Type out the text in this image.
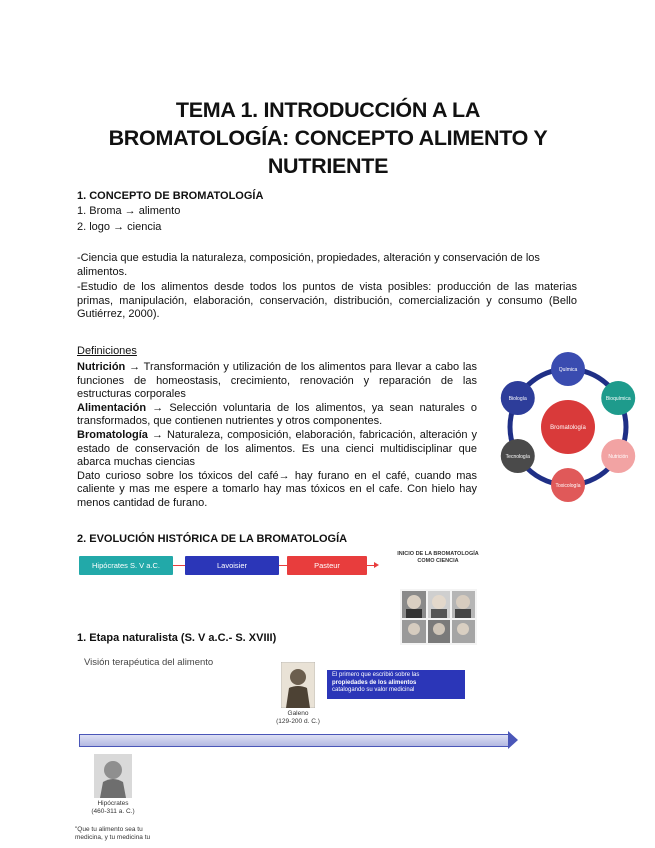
TEMA 1. INTRODUCCIÓN A LA
BROMATOLOGÍA: CONCEPTO ALIMENTO Y
NUTRIENTE
1. CONCEPTO DE BROMATOLOGÍA
1. Broma → alimento
2. logo → ciencia
-Ciencia que estudia la naturaleza, composición, propiedades, alteración y conservación de los alimentos.
-Estudio de los alimentos desde todos los puntos de vista posibles: producción de las materias primas, manipulación, elaboración, conservación, distribución, comercialización y consumo (Bello Gutiérrez, 2000).
Definiciones
Nutrición → Transformación y utilización de los alimentos para llevar a cabo las funciones de homeostasis, crecimiento, renovación y reparación de las estructuras corporales
Alimentación → Selección voluntaria de los alimentos, ya sean naturales o transformados, que contienen nutrientes y otros componentes.
Bromatología → Naturaleza, composición, elaboración, fabricación, alteración y estado de conservación de los alimentos. Es una cienci multidisciplinar que abarca muchas ciencias
Dato curioso sobre los tóxicos del café→ hay furano en el café, cuando mas caliente y mas me espere a tomarlo hay mas tóxicos en el cafe. Con hielo hay menos cantidad de furano.
Bromatología
Química
Bioquímica
Nutrición
Toxicología
Tecnología
Biología
2. EVOLUCIÓN HISTÓRICA DE LA BROMATOLOGÍA
Hipócrates S. V a.C.	Lavoisier	Pasteur
INICIO DE LA BROMATOLOGÍA COMO CIENCIA
1. Etapa naturalista (S. V a.C.- S. XVIII)
Visión terapéutica del alimento
Galeno
(129-200 d. C.)
El primero que escribió sobre las
propiedades de los alimentos
catalogando su valor medicinal
Hipócrates
(460-311 a. C.)
"Que tu alimento sea tu
medicina, y tu medicina tu
